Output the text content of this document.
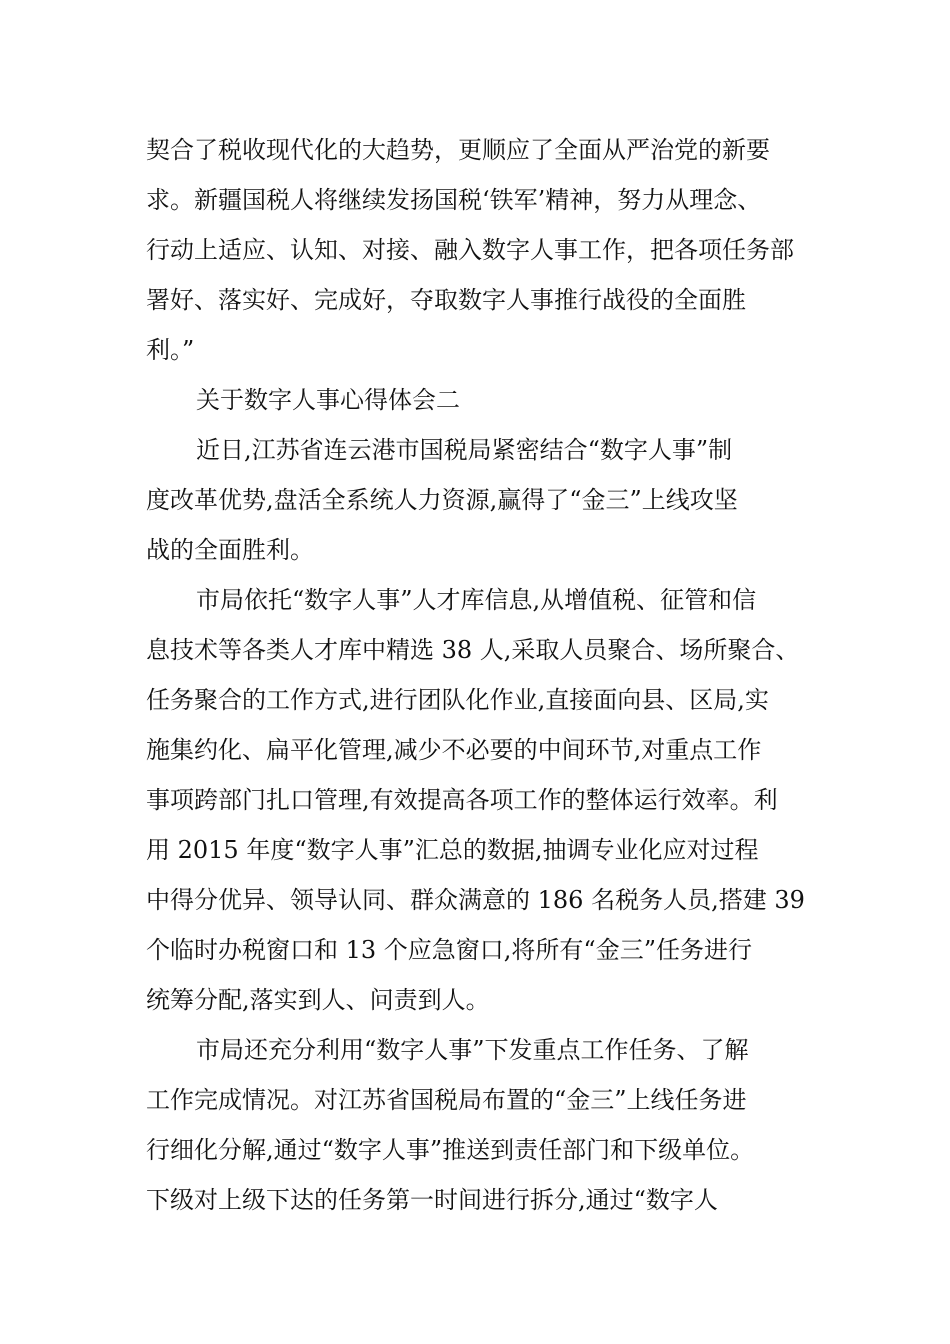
契合了税收现代化的大趋势，更顺应了全面从严治党的新要
求。新疆国税人将继续发扬国税‘铁军’精神，努力从理念、
行动上适应、认知、对接、融入数字人事工作，把各项任务部
署好、落实好、完成好，夺取数字人事推行战役的全面胜
利。”
关于数字人事心得体会二
近日,江苏省连云港市国税局紧密结合“数字人事”制
度改革优势,盘活全系统人力资源,赢得了“金三”上线攻坚
战的全面胜利。
市局依托“数字人事”人才库信息,从增值税、征管和信
息技术等各类人才库中精选 38 人,采取人员聚合、场所聚合、
任务聚合的工作方式,进行团队化作业,直接面向县、区局,实
施集约化、扁平化管理,减少不必要的中间环节,对重点工作
事项跨部门扎口管理,有效提高各项工作的整体运行效率。利
用 2015 年度“数字人事”汇总的数据,抽调专业化应对过程
中得分优异、领导认同、群众满意的 186 名税务人员,搭建 39
个临时办税窗口和 13 个应急窗口,将所有“金三”任务进行
统筹分配,落实到人、问责到人。
市局还充分利用“数字人事”下发重点工作任务、了解
工作完成情况。对江苏省国税局布置的“金三”上线任务进
行细化分解,通过“数字人事”推送到责任部门和下级单位。
下级对上级下达的任务第一时间进行拆分,通过“数字人
